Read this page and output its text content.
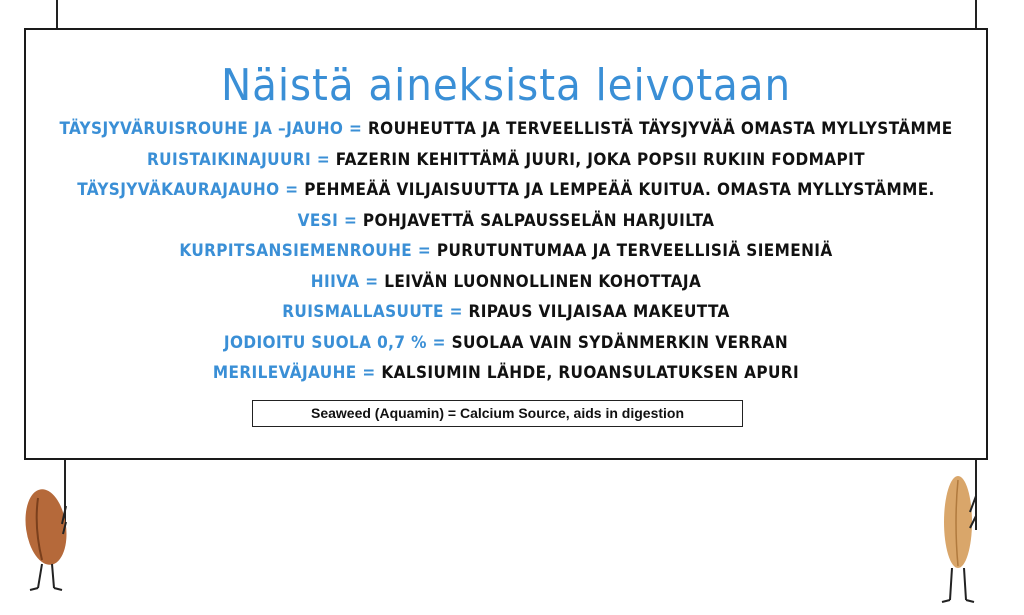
Näistä aineksista leivotaan
TÄYSJYVÄRUISROUHE JA –JAUHO = ROUHEUTTA JA TERVEELLISTÄ TÄYSJYVÄÄ OMASTA MYLLYSTÄMME
RUISTAIKINAJUURI = FAZERIN KEHITTÄMÄ JUURI, JOKA POPSII RUKIIN FODMAPIT
TÄYSJYVÄKAURAJAUHO = PEHMEÄÄ VILJAISUUTTA JA LEMPEÄÄ KUITUA. OMASTA MYLLYSTÄMME.
VESI = POHJAVETTÄ SALPAUSSELÄN HARJUILTA
KURPITSANSIEMENROUHE = PURUTUNTUMAA JA TERVEELLISIÄ SIEMENIÄ
HIIVA = LEIVÄN LUONNOLLINEN KOHOTTAJA
RUISMALLASUUTE = RIPAUS VILJAISAA MAKEUTTA
JODIOITU SUOLA 0,7 % = SUOLAA VAIN SYDÄNMERKIN VERRAN
MERILEVÄJAUHE = KALSIUMIN LÄHDE, RUOANSULATUKSEN APURI
Seaweed (Aquamin) = Calcium Source, aids in digestion
